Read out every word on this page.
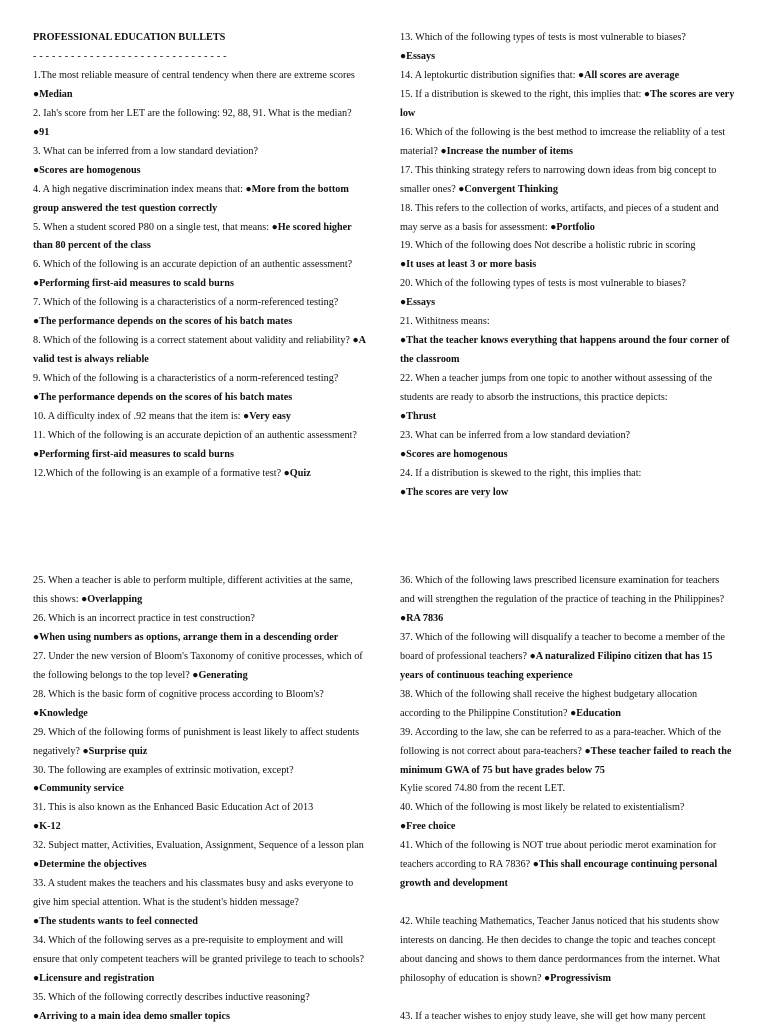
PROFESSIONAL EDUCATION BULLETS

- - - - - - - - - - - - - - - - - - - - - - - - - - - - - - -

1.The most reliable measure of central tendency when there are extreme scores

●Median

2. Iah's score from her LET are the following: 92, 88, 91. What is the median? ●91

3. What can be inferred from a low standard deviation?

●Scores are homogenous

4. A high negative discrimination index means that: ●More from the bottom group answered the test question correctly

5. When a student scored P80 on a single test, that means: ●He scored higher than 80 percent of the class

6. Which of the following is an accurate depiction of an authentic assessment? ●Performing first-aid measures to scald burns

7. Which of the following is a characteristics of a norm-referenced testing?

●The performance depends on the scores of his batch mates

8. Which of the following is a correct statement about validity and reliability? ●A valid test is always reliable

9. Which of the following is a characteristics of a norm-referenced testing?

●The performance depends on the scores of his batch mates

10. A difficulty index of .92 means that the item is: ●Very easy

11. Which of the following is an accurate depiction of an authentic assessment? ●Performing first-aid measures to scald burns

12.Which of the following is an example of a formative test? ●Quiz

13. Which of the following types of tests is most vulnerable to biases?

●Essays

14. A leptokurtic distribution signifies that: ●All scores are average

15. If a distribution is skewed to the right, this implies that: ●The scores are very low

16. Which of the following is the best method to imcrease the reliablity of a test material? ●Increase the number of items

17. This thinking strategy refers to narrowing down ideas from big concept to smaller ones? ●Convergent Thinking

18. This refers to the collection of works, artifacts, and pieces of a student and may serve as a basis for assessment: ●Portfolio

19. Which of the following does Not describe a holistic rubric in scoring

●It uses at least 3 or more basis

20. Which of the following types of tests is most vulnerable to biases?

●Essays

21. Withitness means:

●That the teacher knows everything that happens around the four corner of the classroom

22. When a teacher jumps from one topic to another without assessing of the students are ready to absorb the instructions, this practice depicts:

●Thrust

23. What can be inferred from a low standard deviation?

●Scores are homogenous

24. If a distribution is skewed to the right, this implies that:

●The scores are very low

25. When a teacher is able to perform multiple, different activities at the same, this shows: ●Overlapping

26. Which is an incorrect practice in test construction?

●When using numbers as options, arrange them in a descending order

27. Under the new version of Bloom's Taxonomy of conitive processes, which of the following belongs to the top level? ●Generating

28. Which is the basic form of cognitive process according to Bloom's?

●Knowledge

29. Which of the following forms of punishment is least likely to affect students negatively? ●Surprise quiz

30. The following are examples of extrinsic motivation, except?

●Community service

31. This is also known as the Enhanced Basic Education Act of 2013

●K-12

32. Subject matter, Activities, Evaluation, Assignment, Sequence of a lesson plan ●Determine the objectives

33. A student makes the teachers and his classmates busy and asks everyone to give him special attention. What is the student's hidden message?

●The students wants to feel connected

34. Which of the following serves as a pre-requisite to employment and will ensure that only competent teachers will be granted privilege to teach to schools? ●Licensure and registration

35. Which of the following correctly describes inductive reasoning?

●Arriving to a main idea demo smaller topics

36. Which of the following laws prescribed licensure examination for teachers and will strengthen the regulation of the practice of teaching in the Philippines? ●RA 7836

37. Which of the following will disqualify a teacher to become a member of the board of professional teachers? ●A naturalized Filipino citizen that has 15 years of continuous teaching experience

38. Which of the following shall receive the highest budgetary allocation according to the Philippine Constitution? ●Education

39. According to the law, she can be referred to as a para-teacher. Which of the following is not correct about para-teachers? ●These teacher failed to reach the minimum GWA of 75 but have grades below 75

Kylie scored 74.80 from the recent LET.

40. Which of the following is most likely be related to existentialism?

●Free choice

41. Which of the following is NOT true about periodic merot examination for teachers according to RA 7836? ●This shall encourage continuing personal growth and development

42. While teaching Mathematics, Teacher Janus noticed that his students show interests on dancing. He then decides to change the topic and teaches concept about dancing and shows to them dance perdormances from the internet. What philosophy of education is shown? ●Progressivism

43. If a teacher wishes to enjoy study leave, she will get how many percent
